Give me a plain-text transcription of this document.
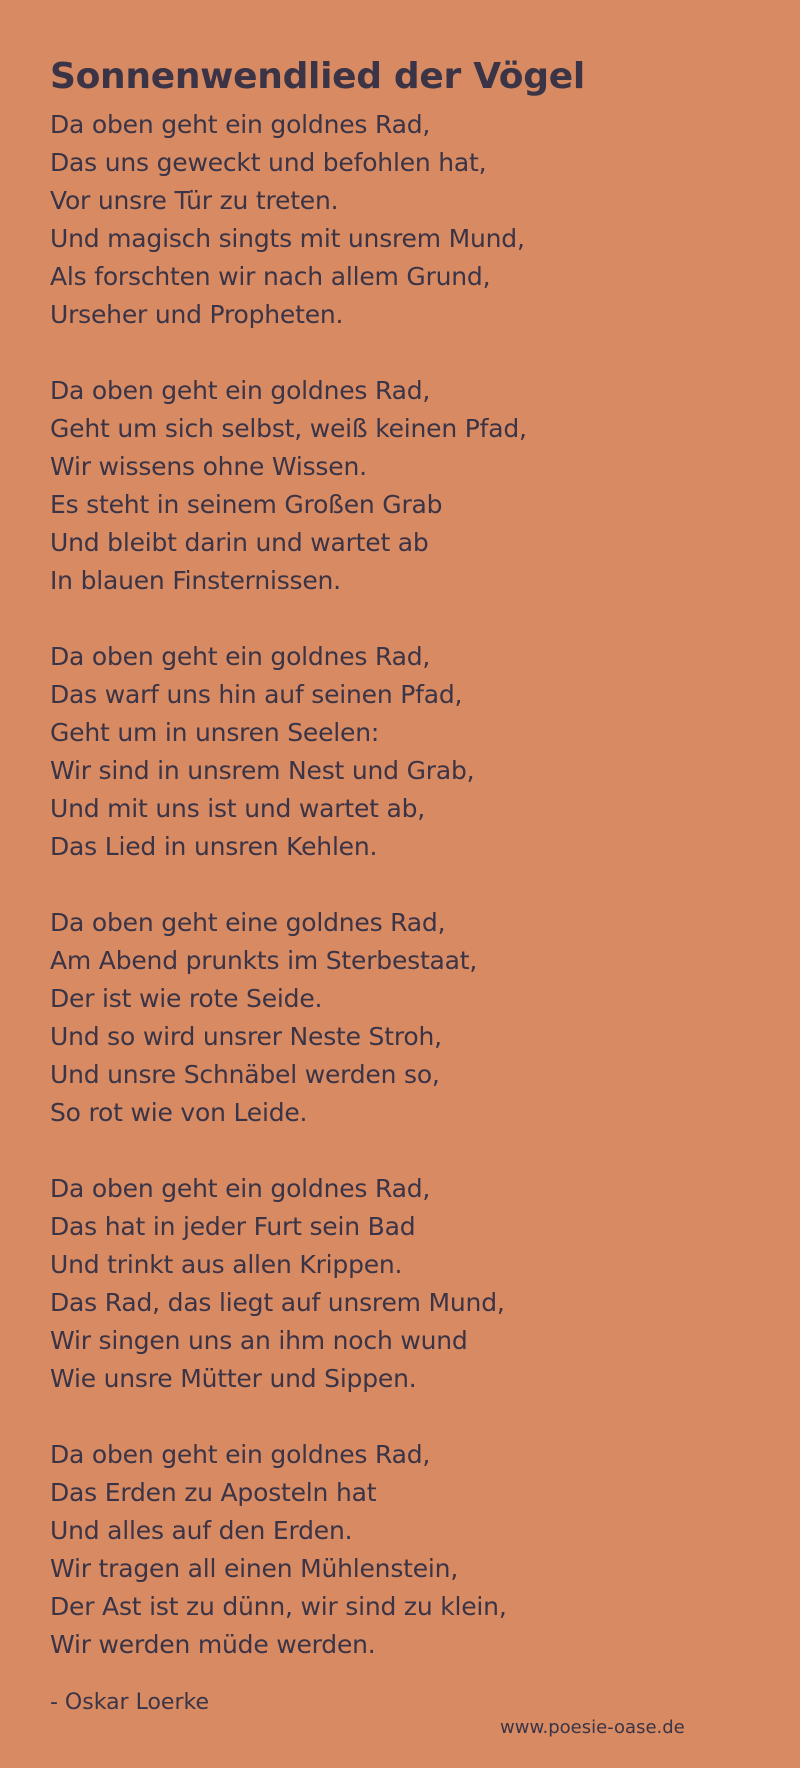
Sonnenwendlied der Vögel
Da oben geht ein goldnes Rad,
Das uns geweckt und befohlen hat,
Vor unsre Tür zu treten.
Und magisch singts mit unsrem Mund,
Als forschten wir nach allem Grund,
Urseher und Propheten.
Da oben geht ein goldnes Rad,
Geht um sich selbst, weiß keinen Pfad,
Wir wissens ohne Wissen.
Es steht in seinem Großen Grab
Und bleibt darin und wartet ab
In blauen Finsternissen.
Da oben geht ein goldnes Rad,
Das warf uns hin auf seinen Pfad,
Geht um in unsren Seelen:
Wir sind in unsrem Nest und Grab,
Und mit uns ist und wartet ab,
Das Lied in unsren Kehlen.
Da oben geht eine goldnes Rad,
Am Abend prunkts im Sterbestaat,
Der ist wie rote Seide.
Und so wird unsrer Neste Stroh,
Und unsre Schnäbel werden so,
So rot wie von Leide.
Da oben geht ein goldnes Rad,
Das hat in jeder Furt sein Bad
Und trinkt aus allen Krippen.
Das Rad, das liegt auf unsrem Mund,
Wir singen uns an ihm noch wund
Wie unsre Mütter und Sippen.
Da oben geht ein goldnes Rad,
Das Erden zu Aposteln hat
Und alles auf den Erden.
Wir tragen all einen Mühlenstein,
Der Ast ist zu dünn, wir sind zu klein,
Wir werden müde werden.
- Oskar Loerke
www.poesie-oase.de
